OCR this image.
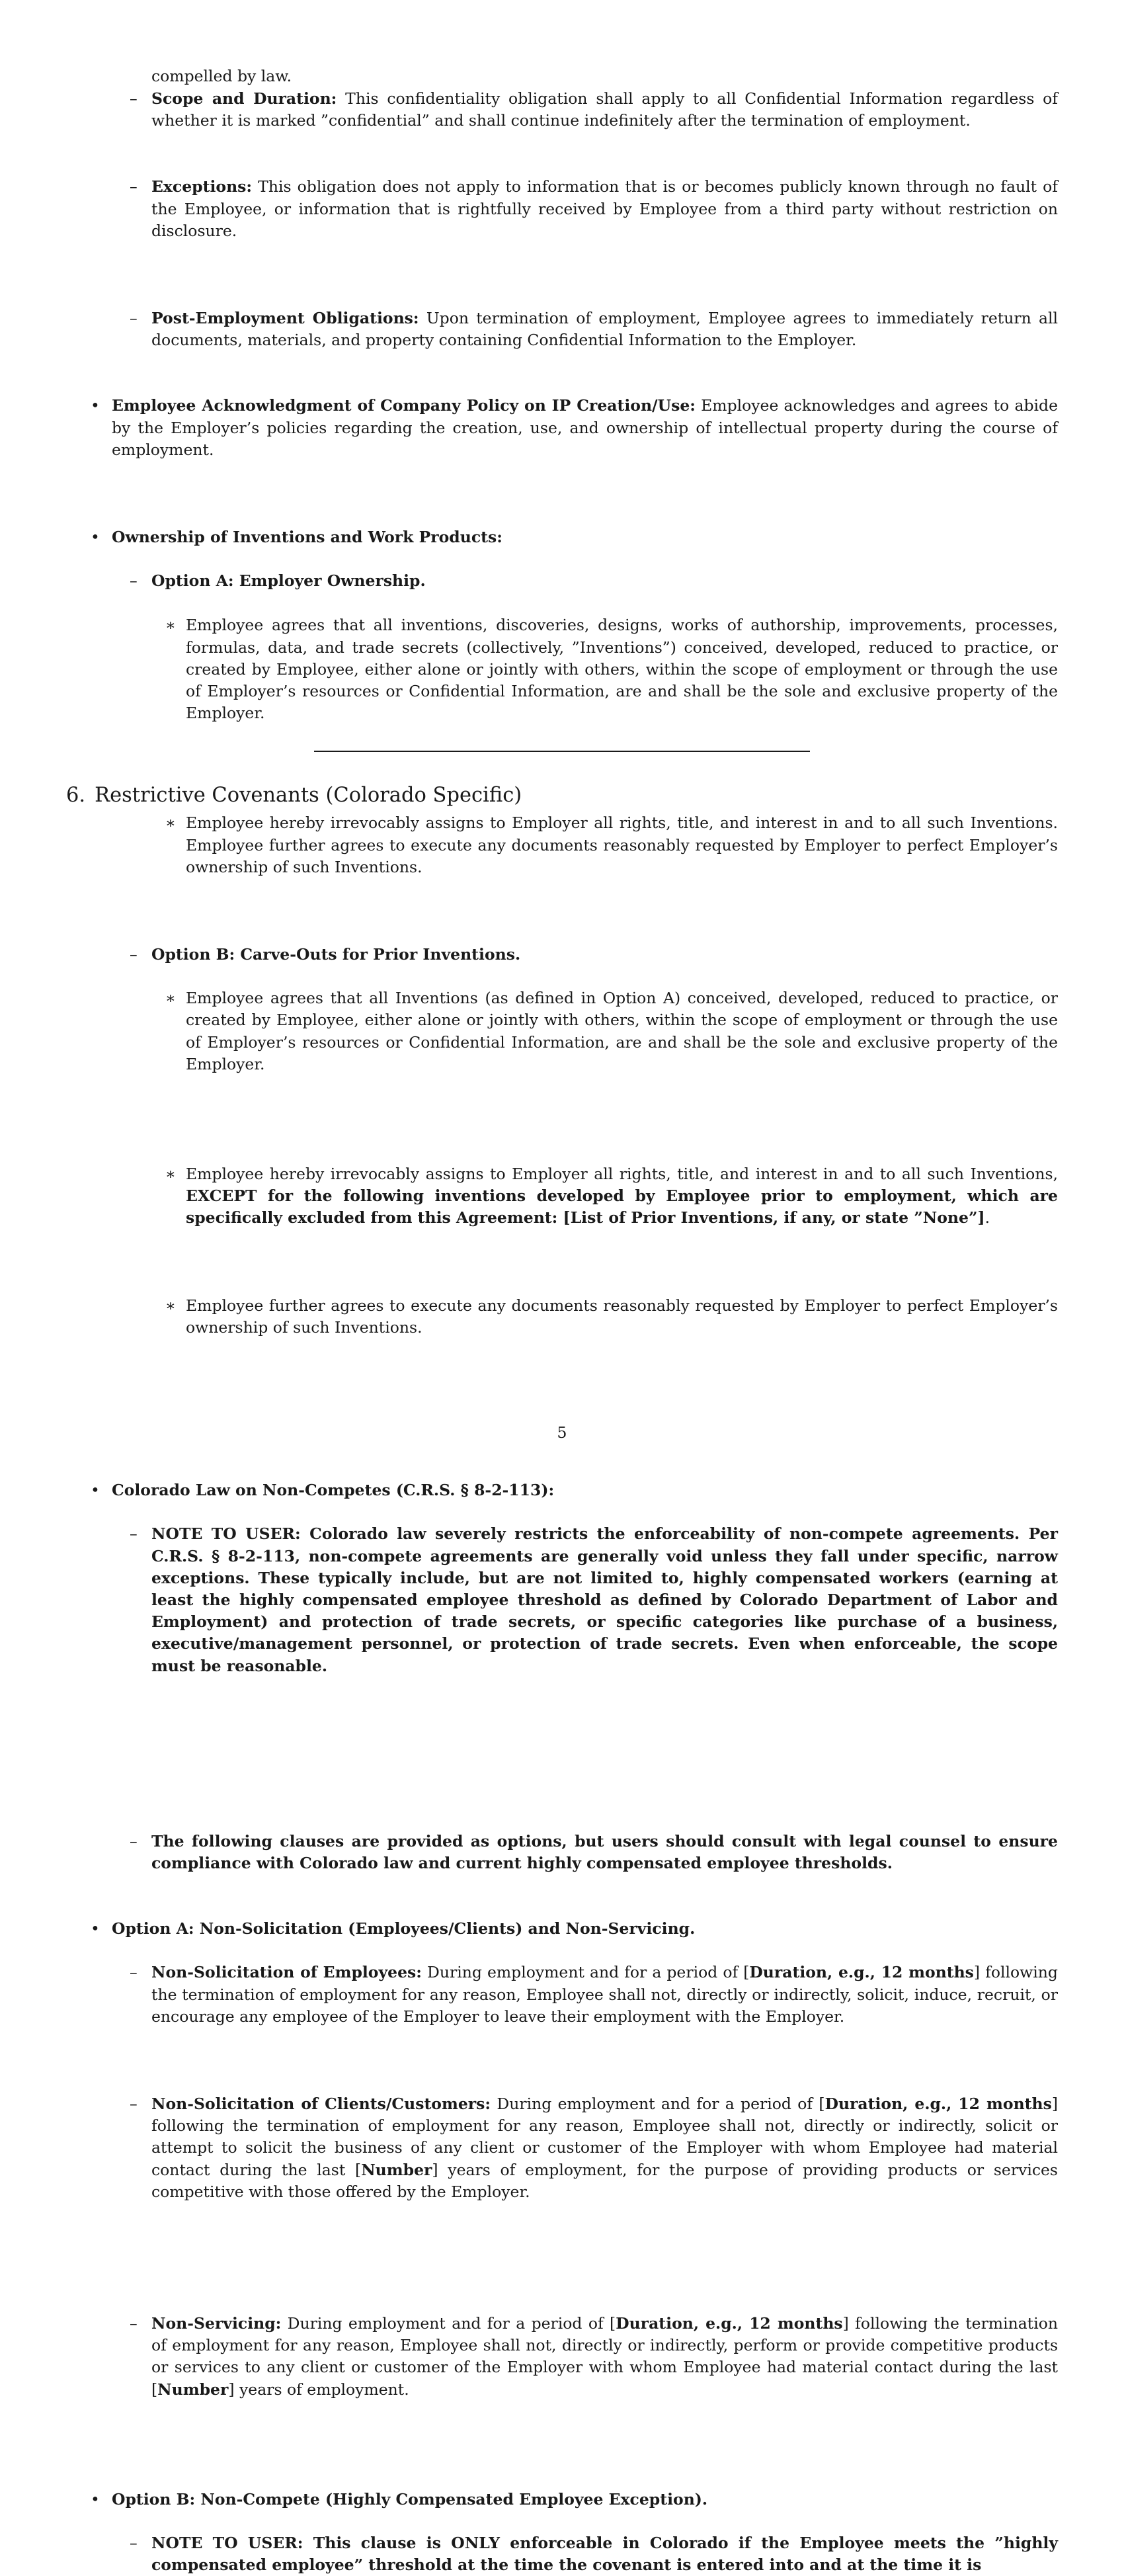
compelled by law.
– Scope and Duration: This confidentiality obligation shall apply to all Confidential Information regardless of whether it is marked ”confidential” and shall continue indefinitely after the termination of employment.
– Exceptions: This obligation does not apply to information that is or becomes publicly known through no fault of the Employee, or information that is rightfully received by Employee from a third party without restriction on disclosure.
– Post-Employment Obligations: Upon termination of employment, Employee agrees to immediately return all documents, materials, and property containing Confidential Information to the Employer.
• Employee Acknowledgment of Company Policy on IP Creation/Use: Employee acknowledges and agrees to abide by the Employer’s policies regarding the creation, use, and ownership of intellectual property during the course of employment.
• Ownership of Inventions and Work Products:
– Option A: Employer Ownership.
∗ Employee agrees that all inventions, discoveries, designs, works of authorship, improvements, processes, formulas, data, and trade secrets (collectively, ”Inventions”) conceived, developed, reduced to practice, or created by Employee, either alone or jointly with others, within the scope of employment or through the use of Employer’s resources or Confidential Information, are and shall be the sole and exclusive property of the Employer.
∗ Employee hereby irrevocably assigns to Employer all rights, title, and interest in and to all such Inventions. Employee further agrees to execute any documents reasonably requested by Employer to perfect Employer’s ownership of such Inventions.
– Option B: Carve-Outs for Prior Inventions.
∗ Employee agrees that all Inventions (as defined in Option A) conceived, developed, reduced to practice, or created by Employee, either alone or jointly with others, within the scope of employment or through the use of Employer’s resources or Confidential Information, are and shall be the sole and exclusive property of the Employer.
∗ Employee hereby irrevocably assigns to Employer all rights, title, and interest in and to all such Inventions, EXCEPT for the following inventions developed by Employee prior to employment, which are specifically excluded from this Agreement: [List of Prior Inventions, if any, or state ”None”].
∗ Employee further agrees to execute any documents reasonably requested by Employer to perfect Employer’s ownership of such Inventions.
6. Restrictive Covenants (Colorado Specific)
• Colorado Law on Non-Competes (C.R.S. § 8-2-113):
– NOTE TO USER: Colorado law severely restricts the enforceability of non-compete agreements. Per C.R.S. § 8-2-113, non-compete agreements are generally void unless they fall under specific, narrow exceptions. These typically include, but are not limited to, highly compensated workers (earning at least the highly compensated employee threshold as defined by Colorado Department of Labor and Employment) and protection of trade secrets, or specific categories like purchase of a business, executive/management personnel, or protection of trade secrets. Even when enforceable, the scope must be reasonable.
– The following clauses are provided as options, but users should consult with legal counsel to ensure compliance with Colorado law and current highly compensated employee thresholds.
• Option A: Non-Solicitation (Employees/Clients) and Non-Servicing.
– Non-Solicitation of Employees: During employment and for a period of [Duration, e.g., 12 months] following the termination of employment for any reason, Employee shall not, directly or indirectly, solicit, induce, recruit, or encourage any employee of the Employer to leave their employment with the Employer.
– Non-Solicitation of Clients/Customers: During employment and for a period of [Duration, e.g., 12 months] following the termination of employment for any reason, Employee shall not, directly or indirectly, solicit or attempt to solicit the business of any client or customer of the Employer with whom Employee had material contact during the last [Number] years of employment, for the purpose of providing products or services competitive with those offered by the Employer.
– Non-Servicing: During employment and for a period of [Duration, e.g., 12 months] following the termination of employment for any reason, Employee shall not, directly or indirectly, perform or provide competitive products or services to any client or customer of the Employer with whom Employee had material contact during the last [Number] years of employment.
• Option B: Non-Compete (Highly Compensated Employee Exception).
– NOTE TO USER: This clause is ONLY enforceable in Colorado if the Employee meets the ”highly compensated employee” threshold at the time the covenant is entered into and at the time it is
5
